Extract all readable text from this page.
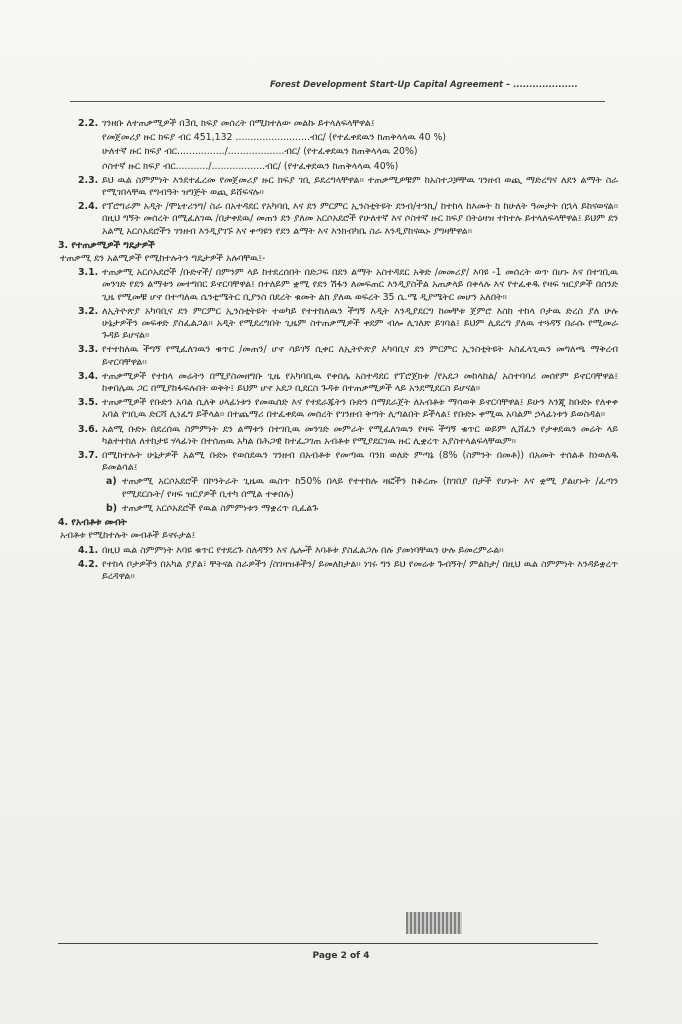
Forest Development Start-Up Capital Agreement – ....................
2.2. ገንዘቡ ለተጠቃሚዎች በ3ቢ ክፍያ መሰረት በሚከተለው መልኩ ይተላለፍላቸዋል፤
የመጀመሪያ ዙር ክፍያ ብር 451,132 .........................ብር/ (የተፈቀደዉን ከጠቅላላዉ 40 %)
ሁለተኛ ዙር ክፍያ ብር................/...................ብር/ (የተፈቀደዉን ከጠቅላላዉ 20%)
ሶስተኛ ዙር ክፍያ ብር.........../..................ብር/ (የተፈቀደዉን ከጠቅላላዉ 40%)
2.3. ይህ ዉል ስምምነት እንደተፈረመ የመጀመሪያ ዙር ክፍያ ገቢ ይደረግላቸዋል። ተጠቃሚዎቹም ከአስተጋቻቸዉ ገንዘብ ወጪ ማድረግና ለደን ልማት ስራ የሚገበላቸዉ የግብዓት ዝግጅት ወጪ ይሸፍናሉ።
2.4. የፕሮግራም አዲት /ሞኒተሪንግ/ ስራ በአተዳደር የአካባቢ እና ደን ምርምር ኢንስቲትዩት ደንብ/ተንኪ/ ከተከላ ከእመት ከ ከሁለት ዓመታት በኋላ ይከናወናል። በዚህ ግኝት መሰረት በሚፈለገዉ /በታቀደዉ/ መጠን ደን ያለመ አርሶአደሮች የሁለተኛ እና ሶስተኛ ዙር ክፍያ በትዕዛዝ ተከተሉ ይተላለፍላቸዋል፤ ይህም ደን አልሚ አርሶአደሮችን ገንዘብ እንዲያገኙ እና ቀጣዩን የደን ልማት እና እንክብካቤ ስራ እንዲያከናዉኑ ያግዛቸዋል።
3. የተጠቃሚዎች ግዴታዎች
ተጠቃሚ ደን አልሚዎች የሚከተሉትን ግዴታዎች አሉባቸዉ፤-
3.1. ተጠቃሚ አርሶአደሮች /ቡድኖች/ በምንም ላይ ከተደረሰበት በድጋፍ በደን ልማት አስተዳደር አቅድ /መመሪያ/ እባዩ -1 መሰረት ወጥ በሆኑ እና በተገቢዉ መንገድ የደን ልማቱን መተግበር ይኖርባቸዋል፤ በተለይም ቋሚ የደን ሽፋን ለመፍጠር እንዲያስችል አጠቃላይ በቀላሉ እና የተፈቀዱ የዛፍ ዝርያዎች በሰንድ ጊዜ የሚመቹ ሆኖ በተጣለዉ ሴንቲሜትር ቢያንስ በደረት ቁመት ልክ ያለዉ ወፍረት 35 ሴ.ሜ ዲያሜትር መሆን አለበት።
3.2. ለኢትዮጵያ አካባቢና ደን ምርምር ኢንስቲትዩት ተወካይ የተተከለዉን ችግኝ እዲት እንዲያደርግ ከመቸቱ ጀምሮ እስከ ተከላ ቦታዉ ድረስ ያለ ሁሉ ሁኔታዎችን መፍቀድ ያስፈልጋል። አዲት የሚደረግበት ጊዜም ስተጠቃሚዎች ቀደም ብሎ ሊገለጽ ይገባል፤ ይህም ሊደረግ ያለዉ ተጓዳኝ በራሱ የሚመራ ጉዳይ ይሆናል።
3.3. የተተከለዉ ችግኝ የሚፈለገዉን ቁጥር /መጠን/ ሆኖ ሳይገኝ ሲቀር ለኢትዮጵያ አካባቢና ደን ምርምር ኢንስቲትዩት አስፈላጊዉን መግለጫ ማቅረብ ይኖርባቸዋል።
3.4. ተጠቃሚዎች የተከላ መሬትን በሚያስመዘግቡ ጊዜ የአካባቢዉ የቀበሌ አስተዳደር የፕሮጀክቱ /የአደጋ መከላከል/ አስተባባሪ መሰየም ይኖርባቸዋል፤ ከቀበሌዉ ጋር በሚያከፋፍሉበት ወቅት፤ ይህም ሆኖ አደጋ ቢደርስ ጉዳቱ በተጠቃሚዎች ላይ አንደሚደርስ ይሆናል።
3.5. ተጠቃሚዎች የቡድን አባል ሲለቅ ሀላፊነቱን የመዉሰድ እና የተደራጁትን ቡድን በማደራጀት ለአብቶቱ ማሳወቅ ይኖርባቸዋል፤ ይሁን እንጂ ከቡድኑ የለቀቀ አባል የገቢዉ ድርሻ ሊነፈግ ይችላል። በተጨማሪ በተፈቀደዉ መሰረት የገንዘብ ቅጣት ሊጣልበት ይችላል፤ የቡድኑ ቀሚዉ አባልም ኃላፊነቱን ይወስዳል።
3.6. አልሚ ቡድኑ በደረሰዉ ስምምነት ደን ልማቱን በተገቢዉ መንገድ መምራት የሚፈለገዉን የዛፍ ችግኝ ቁጥር ወይም ሊሸፈን የታቀደዉን መሬት ላይ ካልተተከለ ለተከታዩ ሃላፊነት በተሰጠዉ አካል በሕጋዊ ከተፈጋገጠ አብቶቱ የሚያደርገዉ ዙር ሊቋረጥ አያስተላልፍላቸዉም።
3.7. በሚከተሉት ሁኔታዎች አልሚ ቡድኑ የወሰደዉን ገንዘብ በአብቶቱ የመጣዉ ባንክ ወለድ ምጣኔ (8% (ስምንት በመቶ)) በአመት ተሰልቶ ከነወለዱ ይመልሳል፤
a) ተጠቃሚ አርሶአደሮች በኮንትራት ጊዜዉ ዉስጥ ከ50% በላይ የተተከሉ ዛፎችን ከቆረጡ (ከገበያ በታች የሆኑት እና ቋሚ ያልሆኑት /ፈጣን የሚደርሱት/ የዛፍ ዝርያዎች ቢተካ በሚል ተቀበሉ)
b) ተጠቃሚ አርሶአደሮች የዉል ስምምነቱን ማቋረጥ ቢፈልጉ
4. የአብቶቱ መብት
አብቶቱ የሚከተሉት መብቶች ይኖሩታል፤
4.1. በዚህ ዉል ስምምነት እባዩ ቁጥር የተደረጉ ስለዳኝን እና ሌሎች እባቶቱ ያስፈልጋሉ በሉ ያመነባቸዉን ሁሉ ይመረምራል።
4.2. የተከላ ቦታዎችን በአካል ያያል፣ ቸትናል ስራዎችን /ስገዛዝቶችን/ ይመለከታል። ነገሩ ግን ይህ የመሬቱ ጉብኝት/ ምልከታ/ በዚህ ዉል ስምምነት እንዳይቋረጥ ይረዳዋል።
Page 2 of 4
